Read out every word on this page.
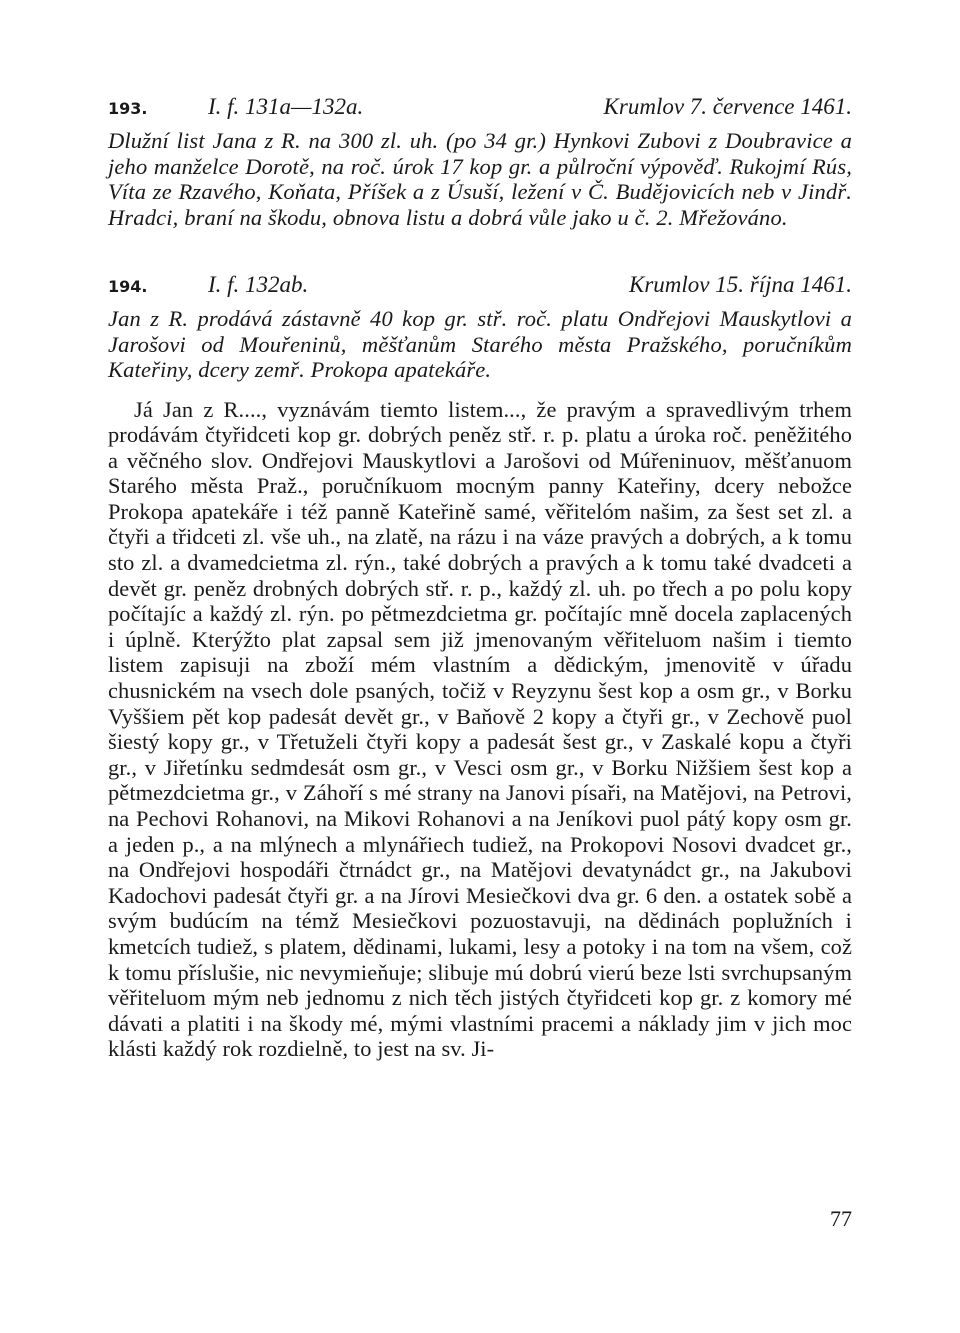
193.	I. f. 131a—132a.	Krumlov 7. července 1461.

Dlužní list Jana z R. na 300 zl. uh. (po 34 gr.) Hynkovi Zubovi z Doubravice a jeho manželce Dorotě, na roč. úrok 17 kop gr. a půlroční výpověď. Rukojmí Rús, Víta ze Rzavého, Koňata, Příšek a z Úsuší, ležení v Č. Budějovicích neb v Jindř. Hradci, braní na škodu, obnova listu a dobrá vůle jako u č. 2. Mřežováno.

194.	I. f. 132ab.	Krumlov 15. října 1461.

Jan z R. prodává zástavně 40 kop gr. stř. roč. platu Ondřejovi Mauskytlovi a Jarošovi od Mouřeninů, měšťanům Starého města Pražského, poručníkům Kateřiny, dcery zemř. Prokopa apatekáře.

Já Jan z R...., vyznávám tiemto listem..., že pravým a spravedlivým trhem prodávám čtyřidceti kop gr. dobrých peněz stř. r. p. platu a úroka roč. peněžitého a věčného slov. Ondřejovi Mauskytlovi a Jarošovi od Múřeninuov, měšťanuom Starého města Praž., poručníkuom mocným panny Kateřiny, dcery nebožce Prokopa apatekáře i též panně Kateřině samé, věřitelóm našim, za šest set zl. a čtyři a třidceti zl. vše uh., na zlatě, na rázu i na váze pravých a dobrých, a k tomu sto zl. a dvamedcietma zl. rýn., také dobrých a pravých a k tomu také dvadceti a devět gr. peněz drobných dobrých stř. r. p., každý zl. uh. po třech a po polu kopy počítajíc a každý zl. rýn. po pětmezdcietma gr. počítajíc mně docela zaplacených i úplně. Kterýžto plat zapsal sem již jmenovaným věřiteluom našim i tiemto listem zapisuji na zboží mém vlastním a dědickým, jmenovitě v úřadu chusnickém na vsech dole psaných, točiž v Reyzynu šest kop a osm gr., v Borku Vyššiem pět kop padesát devět gr., v Baňově 2 kopy a čtyři gr., v Zechově puol šiestý kopy gr., v Třetuželi čtyři kopy a padesát šest gr., v Zaskalé kopu a čtyři gr., v Jiřetínku sedmdesát osm gr., v Vesci osm gr., v Borku Nižšiem šest kop a pětmezdcietma gr., v Záhoří s mé strany na Janovi písaři, na Matějovi, na Petrovi, na Pechovi Rohanovi, na Mikovi Rohanovi a na Jeníkovi puol pátý kopy osm gr. a jeden p., a na mlýnech a mlynářiech tudiež, na Prokopovi Nosovi dvadcet gr., na Ondřejovi hospodáři čtrnádct gr., na Matějovi devatynádct gr., na Jakubovi Kadochovi padesát čtyři gr. a na Jírovi Mesiečkovi dva gr. 6 den. a ostatek sobě a svým budúcím na témž Mesiečkovi pozuostavuji, na dědinách poplužních i kmetcích tudiež, s platem, dědinami, lukami, lesy a potoky i na tom na všem, což k tomu příslušie, nic nevymieňuje; slibuje mú dobrú vierú beze lsti svrchupsaným věřiteluom mým neb jednomu z nich těch jistých čtyřidceti kop gr. z komory mé dávati a platiti i na škody mé, mými vlastními pracemi a náklady jim v jich moc klásti každý rok rozdielně, to jest na sv. Ji-

77
